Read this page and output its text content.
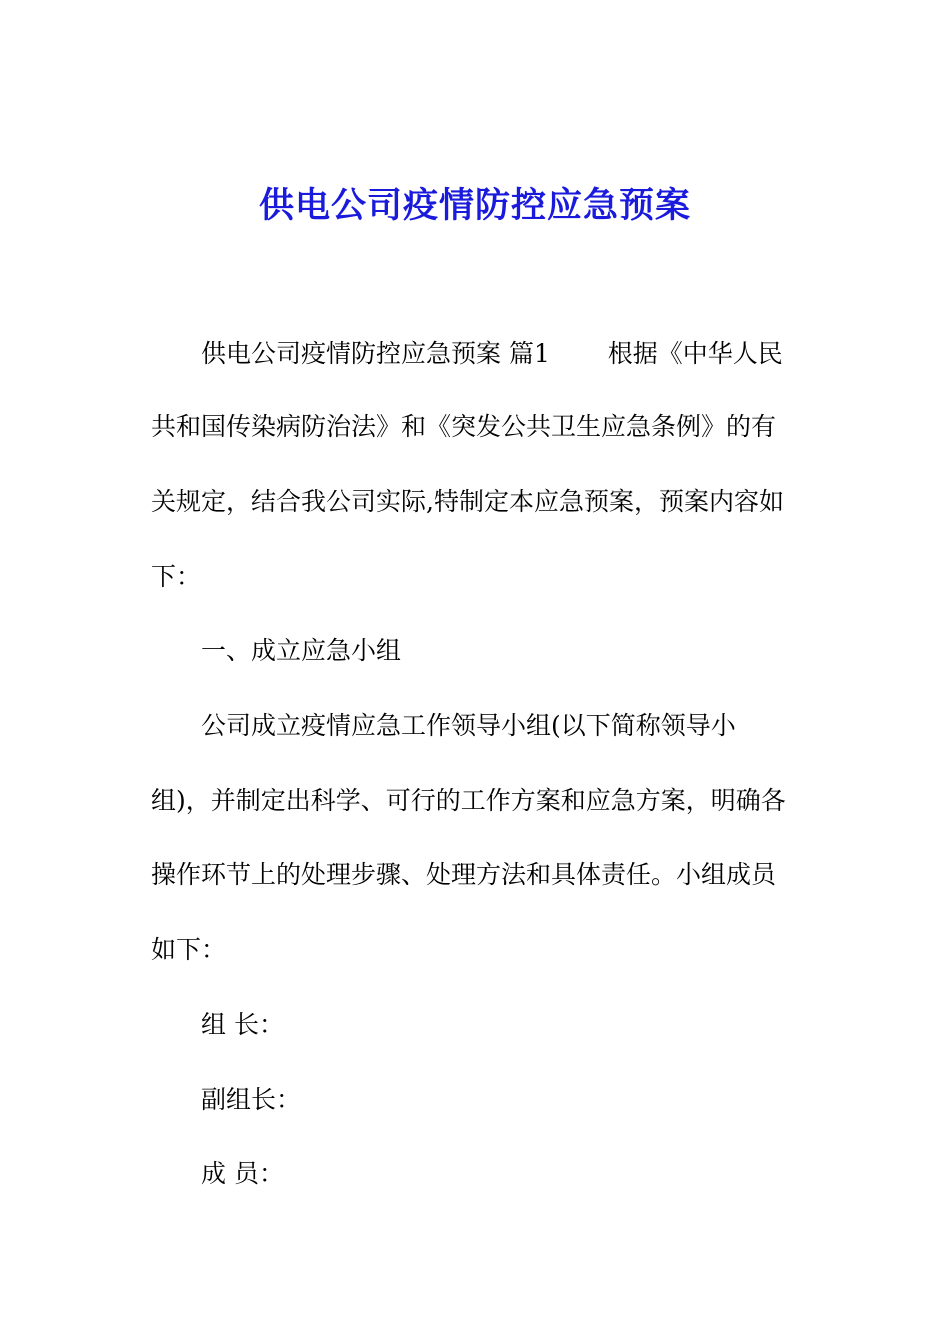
供电公司疫情防控应急预案
供电公司疫情防控应急预案 篇1　　 根据《中华人民
共和国传染病防治法》和《突发公共卫生应急条例》的有
关规定，结合我公司实际,特制定本应急预案，预案内容如
下：
一、成立应急小组
公司成立疫情应急工作领导小组(以下简称领导小
组)，并制定出科学、可行的工作方案和应急方案，明确各
操作环节上的处理步骤、处理方法和具体责任。小组成员
如下：
组 长：
副组长：
成 员：
